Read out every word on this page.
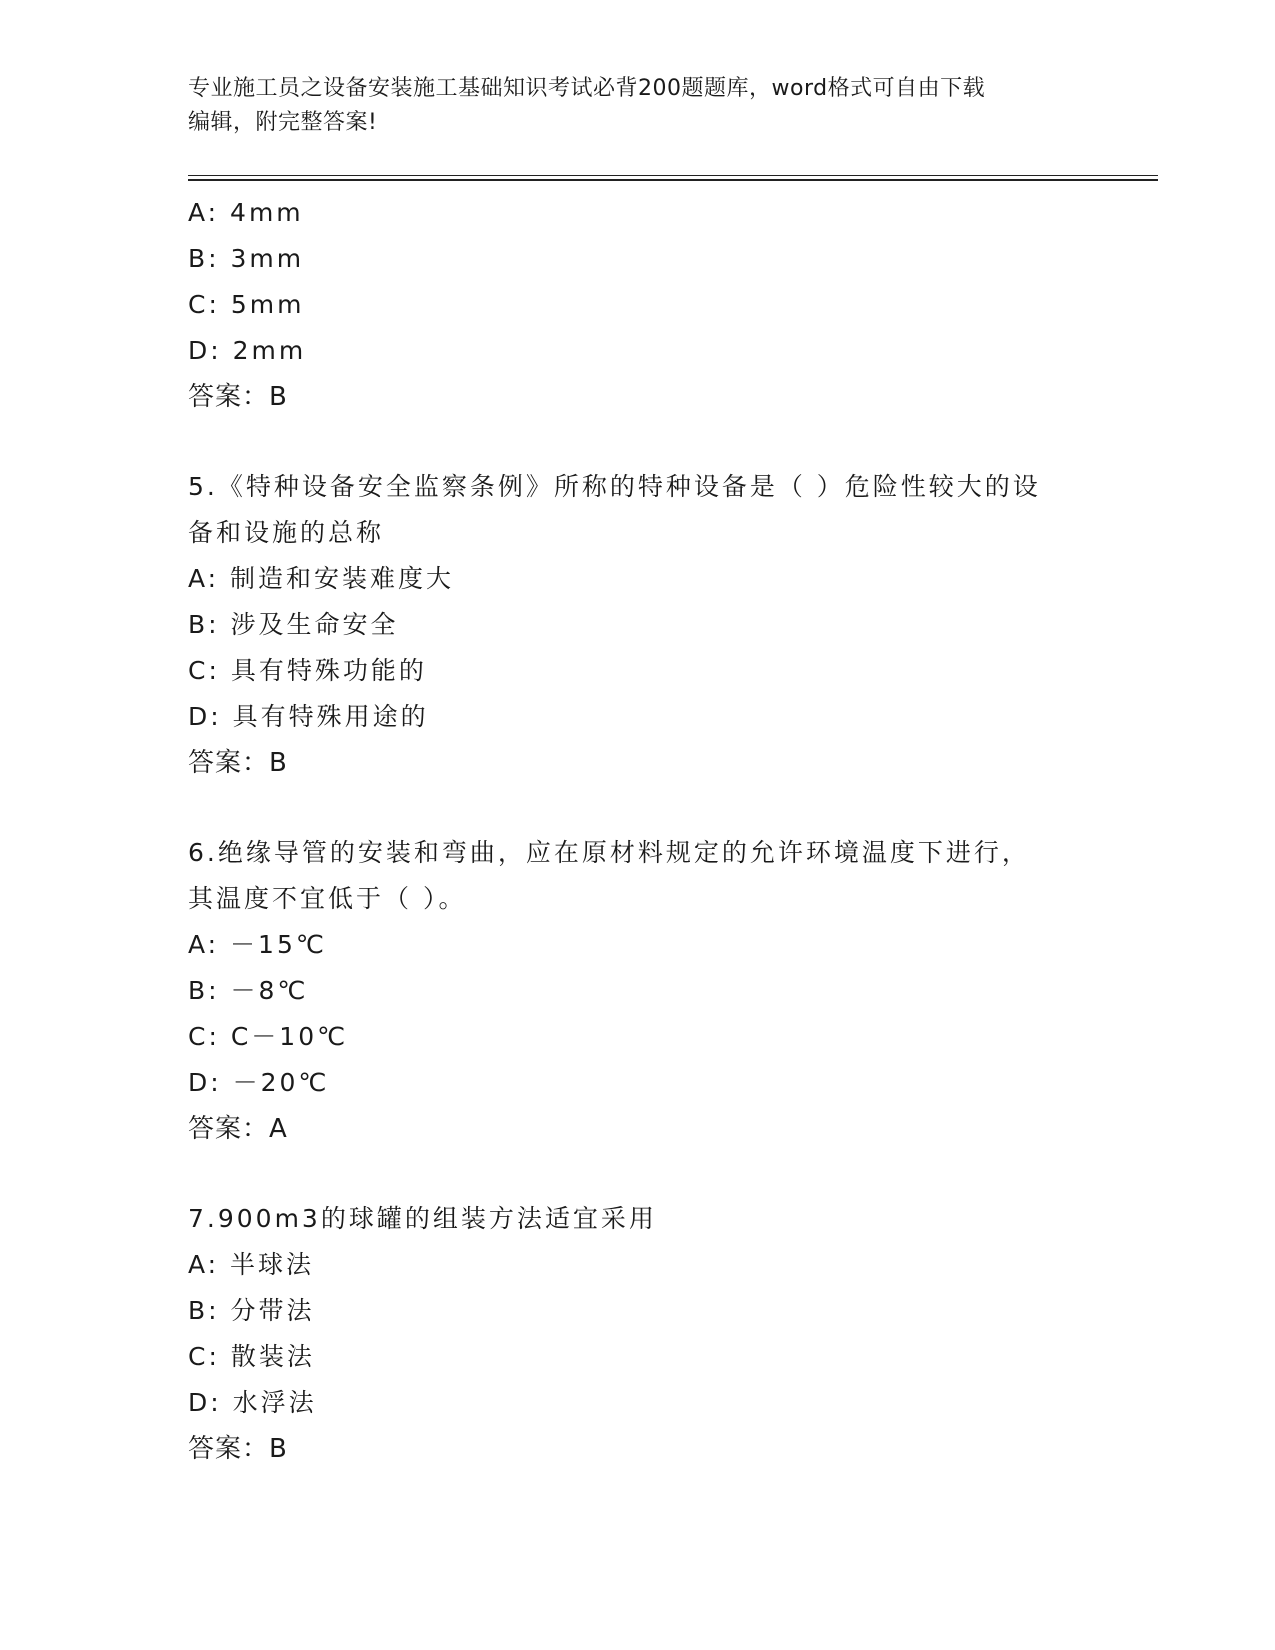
专业施工员之设备安装施工基础知识考试必背200题题库，word格式可自由下载
编辑，附完整答案!
A: 4mm
B: 3mm
C: 5mm
D: 2mm
答案：B
5.《特种设备安全监察条例》所称的特种设备是（ ）危险性较大的设
备和设施的总称
A: 制造和安装难度大
B: 涉及生命安全
C: 具有特殊功能的
D: 具有特殊用途的
答案：B
6.绝缘导管的安装和弯曲，应在原材料规定的允许环境温度下进行，
其温度不宜低于（ ）。
A: －15℃
B: －8℃
C: C－10℃
D: －20℃
答案：A
7.900m3的球罐的组装方法适宜采用
A: 半球法
B: 分带法
C: 散装法
D: 水浮法
答案：B
